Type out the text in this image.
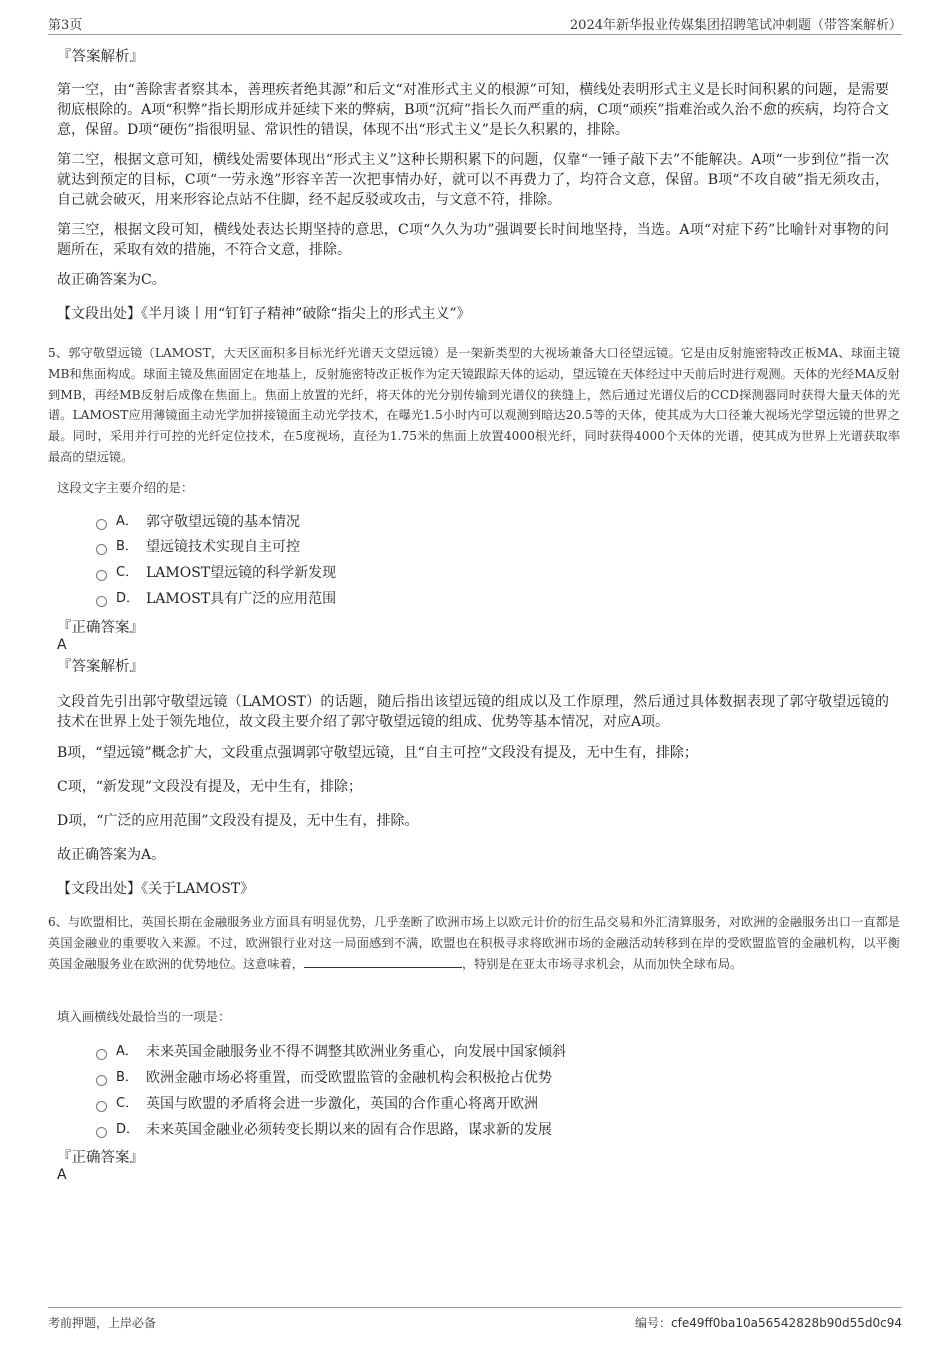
第3页	2024年新华报业传媒集团招聘笔试冲刺题（带答案解析）
『答案解析』

第一空，由“善除害者察其本，善理疾者绝其源”和后文“对准形式主义的根源”可知，横线处表明形式主义是长时间积累的问题，是需要彻底根除的。A项“积弊”指长期形成并延续下来的弊病，B项“沉疴”指长久而严重的病，C项“顽疾”指难治或久治不愈的疾病，均符合文意，保留。D项“硬伤”指很明显、常识性的错误，体现不出“形式主义”是长久积累的，排除。

第二空，根据文意可知，横线处需要体现出“形式主义”这种长期积累下的问题，仅靠“一锤子敲下去”不能解决。A项“一步到位”指一次就达到预定的目标，C项“一劳永逸”形容辛苦一次把事情办好，就可以不再费力了，均符合文意，保留。B项“不攻自破”指无须攻击，自己就会破灭，用来形容论点站不住脚，经不起反驳或攻击，与文意不符，排除。

第三空，根据文段可知，横线处表达长期坚持的意思，C项“久久为功”强调要长时间地坚持，当选。A项“对症下药”比喻针对事物的问题所在，采取有效的措施，不符合文意，排除。

故正确答案为C。

【文段出处】《半月谈丨用“钉钉子精神”破除“指尖上的形式主义”》

5、郭守敬望远镜（LAMOST，大天区面积多目标光纤光谱天文望远镜）是一架新类型的大视场兼备大口径望远镜。它是由反射施密特改正板MA、球面主镜MB和焦面构成。球面主镜及焦面固定在地基上，反射施密特改正板作为定天镜跟踪天体的运动，望远镜在天体经过中天前后时进行观测。天体的光经MA反射到MB，再经MB反射后成像在焦面上。焦面上放置的光纤，将天体的光分别传输到光谱仪的狭缝上，然后通过光谱仪后的CCD探测器同时获得大量天体的光谱。LAMOST应用薄镜面主动光学加拼接镜面主动光学技术，在曝光1.5小时内可以观测到暗达20.5等的天体，使其成为大口径兼大视场光学望远镜的世界之最。同时，采用并行可控的光纤定位技术，在5度视场，直径为1.75米的焦面上放置4000根光纤，同时获得4000个天体的光谱，使其成为世界上光谱获取率最高的望远镜。

这段文字主要介绍的是：

A． 郭守敬望远镜的基本情况
B． 望远镜技术实现自主可控
C． LAMOST望远镜的科学新发现
D． LAMOST具有广泛的应用范围
『正确答案』
A
『答案解析』

文段首先引出郭守敬望远镜（LAMOST）的话题，随后指出该望远镜的组成以及工作原理，然后通过具体数据表现了郭守敬望远镜的技术在世界上处于领先地位，故文段主要介绍了郭守敬望远镜的组成、优势等基本情况，对应A项。

B项，“望远镜”概念扩大，文段重点强调郭守敬望远镜，且“自主可控”文段没有提及，无中生有，排除；

C项，“新发现”文段没有提及，无中生有，排除；

D项，“广泛的应用范围”文段没有提及，无中生有，排除。

故正确答案为A。

【文段出处】《关于LAMOST》

6、与欧盟相比，英国长期在金融服务业方面具有明显优势，几乎垄断了欧洲市场上以欧元计价的衍生品交易和外汇清算服务，对欧洲的金融服务出口一直都是英国金融业的重要收入来源。不过，欧洲银行业对这一局面感到不满，欧盟也在积极寻求将欧洲市场的金融活动转移到在岸的受欧盟监管的金融机构，以平衡英国金融服务业在欧洲的优势地位。这意味着，	，特别是在亚太市场寻求机会，从而加快全球布局。

填入画横线处最恰当的一项是：

A． 未来英国金融服务业不得不调整其欧洲业务重心，向发展中国家倾斜
B． 欧洲金融市场必将重置，而受欧盟监管的金融机构会积极抢占优势
C． 英国与欧盟的矛盾将会进一步激化，英国的合作重心将离开欧洲
D． 未来英国金融业必须转变长期以来的固有合作思路，谋求新的发展
『正确答案』
A
考前押题，上岸必备	编号：cfe49ff0ba10a56542828b90d55d0c94
